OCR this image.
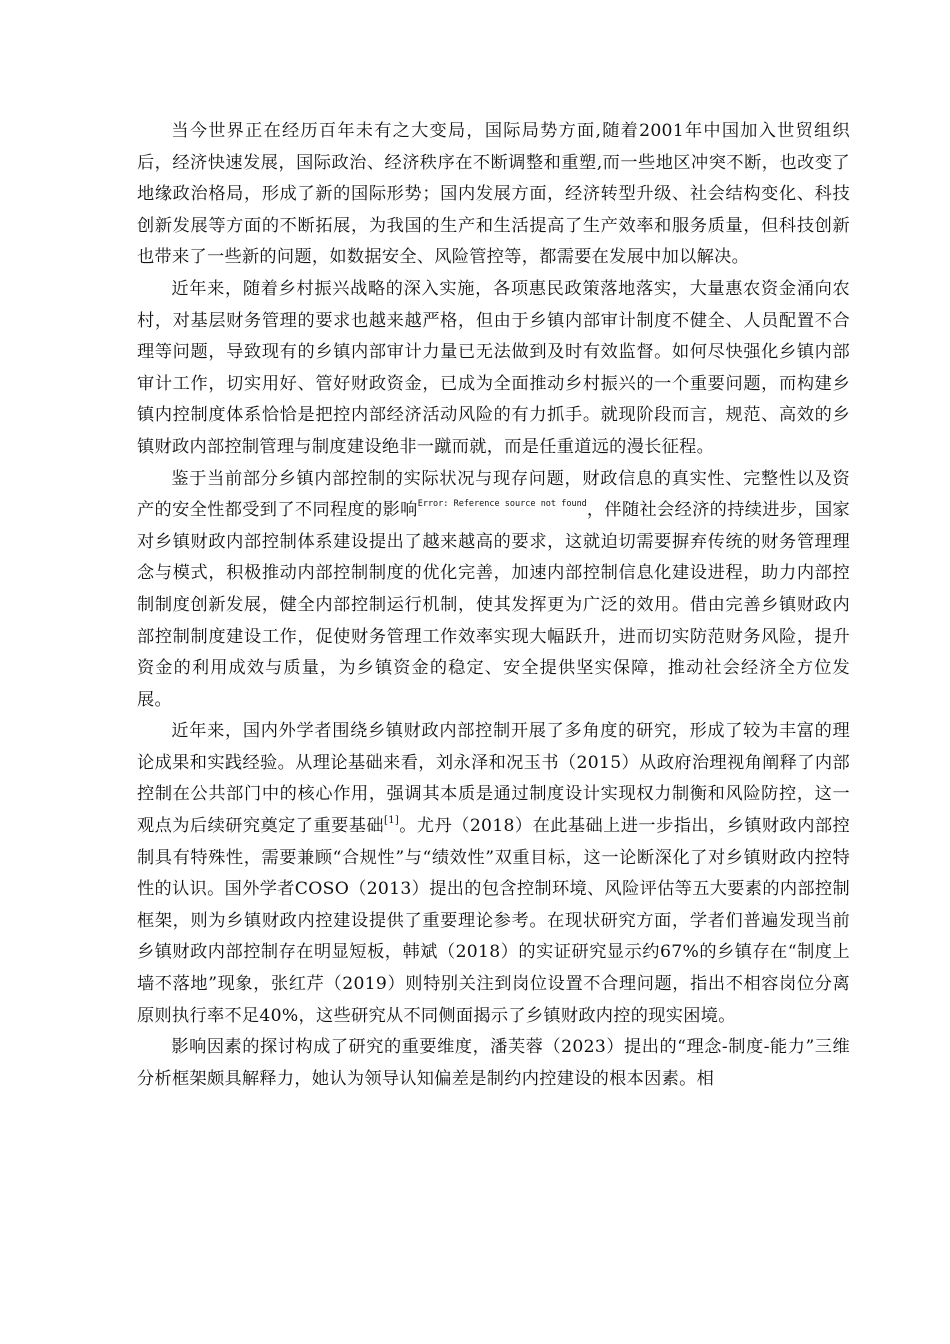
当今世界正在经历百年未有之大变局，国际局势方面,随着2001年中国加入世贸组织后，经济快速发展，国际政治、经济秩序在不断调整和重塑,而一些地区冲突不断，也改变了地缘政治格局，形成了新的国际形势；国内发展方面，经济转型升级、社会结构变化、科技创新发展等方面的不断拓展，为我国的生产和生活提高了生产效率和服务质量，但科技创新也带来了一些新的问题，如数据安全、风险管控等，都需要在发展中加以解决。

近年来，随着乡村振兴战略的深入实施，各项惠民政策落地落实，大量惠农资金涌向农村，对基层财务管理的要求也越来越严格，但由于乡镇内部审计制度不健全、人员配置不合理等问题，导致现有的乡镇内部审计力量已无法做到及时有效监督。如何尽快强化乡镇内部审计工作，切实用好、管好财政资金，已成为全面推动乡村振兴的一个重要问题，而构建乡镇内控制度体系恰恰是把控内部经济活动风险的有力抓手。就现阶段而言，规范、高效的乡镇财政内部控制管理与制度建设绝非一蹴而就，而是任重道远的漫长征程。

鉴于当前部分乡镇内部控制的实际状况与现存问题，财政信息的真实性、完整性以及资产的安全性都受到了不同程度的影响$^{Error: Reference source not found}$，伴随社会经济的持续进步，国家对乡镇财政内部控制体系建设提出了越来越高的要求，这就迫切需要摒弃传统的财务管理理念与模式，积极推动内部控制制度的优化完善，加速内部控制信息化建设进程，助力内部控制制度创新发展，健全内部控制运行机制，使其发挥更为广泛的效用。借由完善乡镇财政内部控制制度建设工作，促使财务管理工作效率实现大幅跃升，进而切实防范财务风险，提升资金的利用成效与质量，为乡镇资金的稳定、安全提供坚实保障，推动社会经济全方位发展。

近年来，国内外学者围绕乡镇财政内部控制开展了多角度的研究，形成了较为丰富的理论成果和实践经验。从理论基础来看，刘永泽和况玉书（2015）从政府治理视角阐释了内部控制在公共部门中的核心作用，强调其本质是通过制度设计实现权力制衡和风险防控，这一观点为后续研究奠定了重要基础[1]。尤丹（2018）在此基础上进一步指出，乡镇财政内部控制具有特殊性，需要兼顾“合规性”与“绩效性”双重目标，这一论断深化了对乡镇财政内控特性的认识。国外学者COSO（2013）提出的包含控制环境、风险评估等五大要素的内部控制框架，则为乡镇财政内控建设提供了重要理论参考。在现状研究方面，学者们普遍发现当前乡镇财政内部控制存在明显短板，韩斌（2018）的实证研究显示约67%的乡镇存在“制度上墙不落地”现象，张红芹（2019）则特别关注到岗位设置不合理问题，指出不相容岗位分离原则执行率不足40%，这些研究从不同侧面揭示了乡镇财政内控的现实困境。

影响因素的探讨构成了研究的重要维度，潘芙蓉（2023）提出的“理念-制度-能力”三维分析框架颇具解释力，她认为领导认知偏差是制约内控建设的根本因素。相
